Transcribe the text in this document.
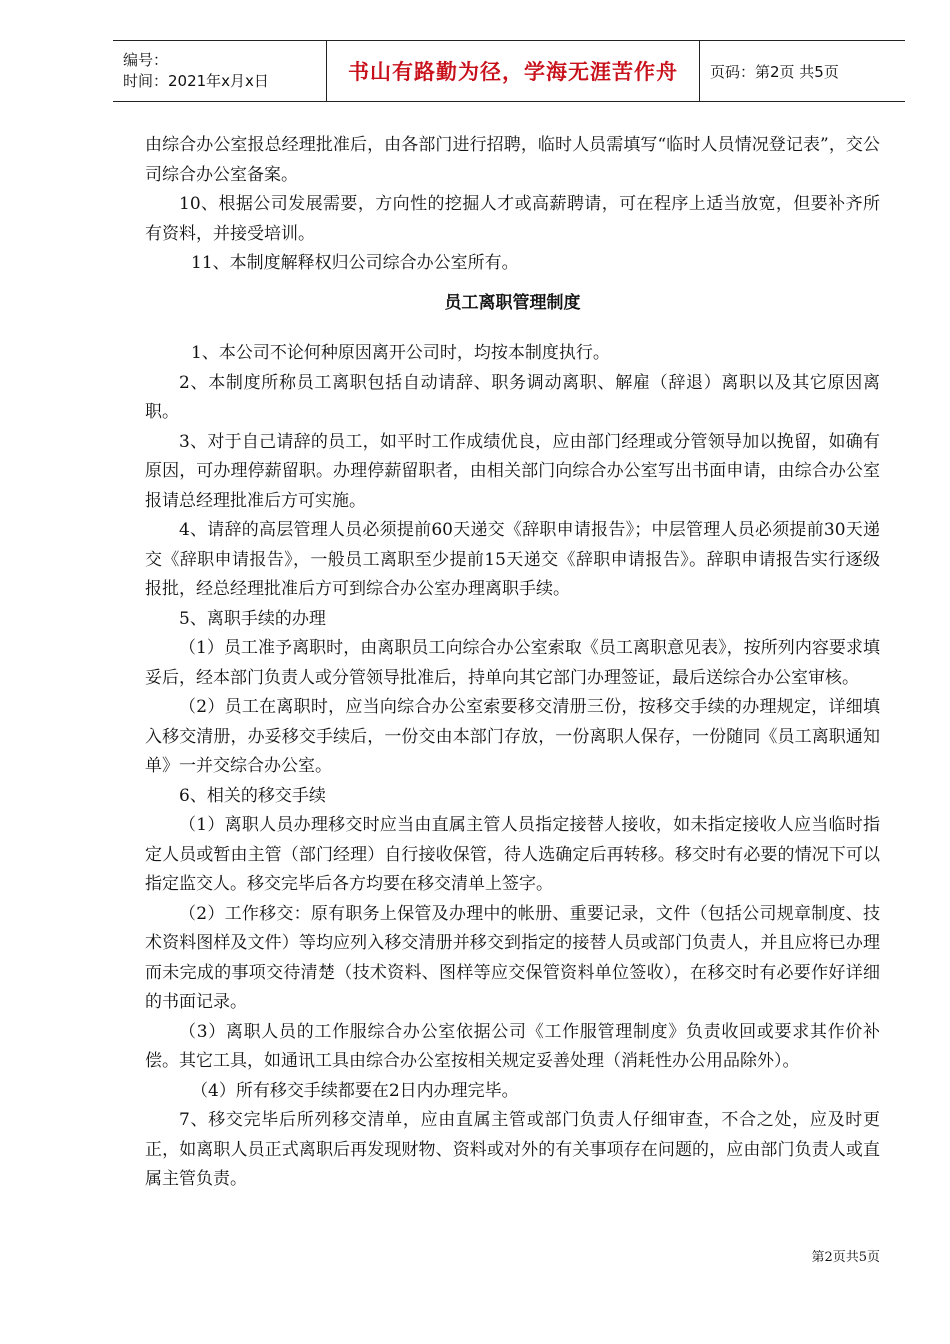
编号：
时间：2021年x月x日	书山有路勤为径，学海无涯苦作舟 页码：第2页 共5页

由综合办公室报总经理批准后，由各部门进行招聘，临时人员需填写“临时人员情况登记表”，交公司综合办公室备案。

10、根据公司发展需要，方向性的挖掘人才或高薪聘请，可在程序上适当放宽，但要补齐所有资料，并接受培训。

11、本制度解释权归公司综合办公室所有。

员工离职管理制度

1、本公司不论何种原因离开公司时，均按本制度执行。

2、本制度所称员工离职包括自动请辞、职务调动离职、解雇（辞退）离职以及其它原因离职。

3、对于自己请辞的员工，如平时工作成绩优良，应由部门经理或分管领导加以挽留，如确有原因，可办理停薪留职。办理停薪留职者，由相关部门向综合办公室写出书面申请，由综合办公室报请总经理批准后方可实施。

4、请辞的高层管理人员必须提前60天递交《辞职申请报告》；中层管理人员必须提前30天递交《辞职申请报告》，一般员工离职至少提前15天递交《辞职申请报告》。辞职申请报告实行逐级报批，经总经理批准后方可到综合办公室办理离职手续。

5、离职手续的办理

（1）员工准予离职时，由离职员工向综合办公室索取《员工离职意见表》，按所列内容要求填妥后，经本部门负责人或分管领导批准后，持单向其它部门办理签证，最后送综合办公室审核。

（2）员工在离职时，应当向综合办公室索要移交清册三份，按移交手续的办理规定，详细填入移交清册，办妥移交手续后，一份交由本部门存放，一份离职人保存，一份随同《员工离职通知单》一并交综合办公室。

6、相关的移交手续

（1）离职人员办理移交时应当由直属主管人员指定接替人接收，如未指定接收人应当临时指定人员或暂由主管（部门经理）自行接收保管，待人选确定后再转移。移交时有必要的情况下可以指定监交人。移交完毕后各方均要在移交清单上签字。

（2）工作移交：原有职务上保管及办理中的帐册、重要记录，文件（包括公司规章制度、技术资料图样及文件）等均应列入移交清册并移交到指定的接替人员或部门负责人，并且应将已办理而未完成的事项交待清楚（技术资料、图样等应交保管资料单位签收），在移交时有必要作好详细的书面记录。

（3）离职人员的工作服综合办公室依据公司《工作服管理制度》负责收回或要求其作价补偿。其它工具，如通讯工具由综合办公室按相关规定妥善处理（消耗性办公用品除外）。

（4）所有移交手续都要在2日内办理完毕。

7、移交完毕后所列移交清单，应由直属主管或部门负责人仔细审查，不合之处，应及时更正，如离职人员正式离职后再发现财物、资料或对外的有关事项存在问题的，应由部门负责人或直属主管负责。

第2页共5页
